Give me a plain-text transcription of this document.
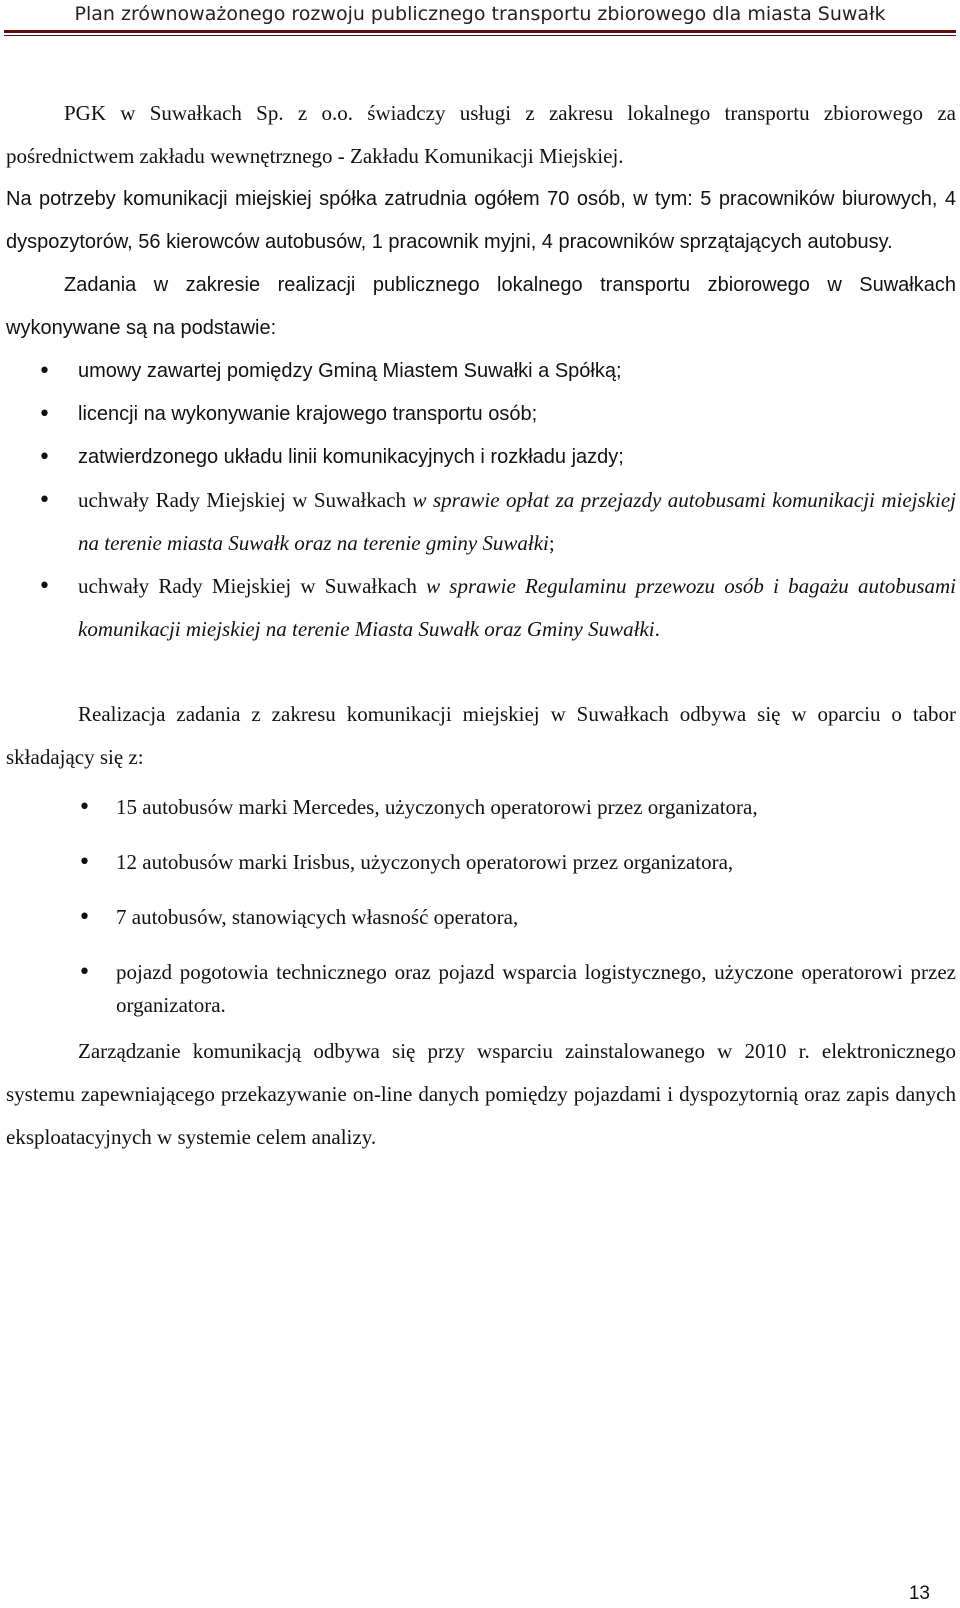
Plan zrównoważonego rozwoju publicznego transportu zbiorowego dla miasta Suwałk

PGK w Suwałkach Sp. z o.o. świadczy usługi z zakresu lokalnego transportu zbiorowego za pośrednictwem zakładu wewnętrznego - Zakładu Komunikacji Miejskiej.

Na potrzeby komunikacji miejskiej spółka zatrudnia ogółem 70 osób, w tym: 5 pracowników biurowych, 4 dyspozytorów, 56 kierowców autobusów, 1 pracownik myjni, 4 pracowników sprzątających autobusy.

Zadania w zakresie realizacji publicznego lokalnego transportu zbiorowego w Suwałkach wykonywane są na podstawie:

• umowy zawartej pomiędzy Gminą Miastem Suwałki a Spółką;
• licencji na wykonywanie krajowego transportu osób;
• zatwierdzonego układu linii komunikacyjnych i rozkładu jazdy;
• uchwały Rady Miejskiej w Suwałkach w sprawie opłat za przejazdy autobusami komunikacji miejskiej na terenie miasta Suwałk oraz na terenie gminy Suwałki;
• uchwały Rady Miejskiej w Suwałkach w sprawie Regulaminu przewozu osób i bagażu autobusami komunikacji miejskiej na terenie Miasta Suwałk oraz Gminy Suwałki.

Realizacja zadania z zakresu komunikacji miejskiej w Suwałkach odbywa się w oparciu o tabor składający się z:

• 15 autobusów marki Mercedes, użyczonych operatorowi przez organizatora,
• 12 autobusów marki Irisbus, użyczonych operatorowi przez organizatora,
• 7 autobusów, stanowiących własność operatora,
• pojazd pogotowia technicznego oraz pojazd wsparcia logistycznego, użyczone operatorowi przez organizatora.

Zarządzanie komunikacją odbywa się przy wsparciu zainstalowanego w 2010 r. elektronicznego systemu zapewniającego przekazywanie on-line danych pomiędzy pojazdami i dyspozytornią oraz zapis danych eksploatacyjnych w systemie celem analizy.

13
